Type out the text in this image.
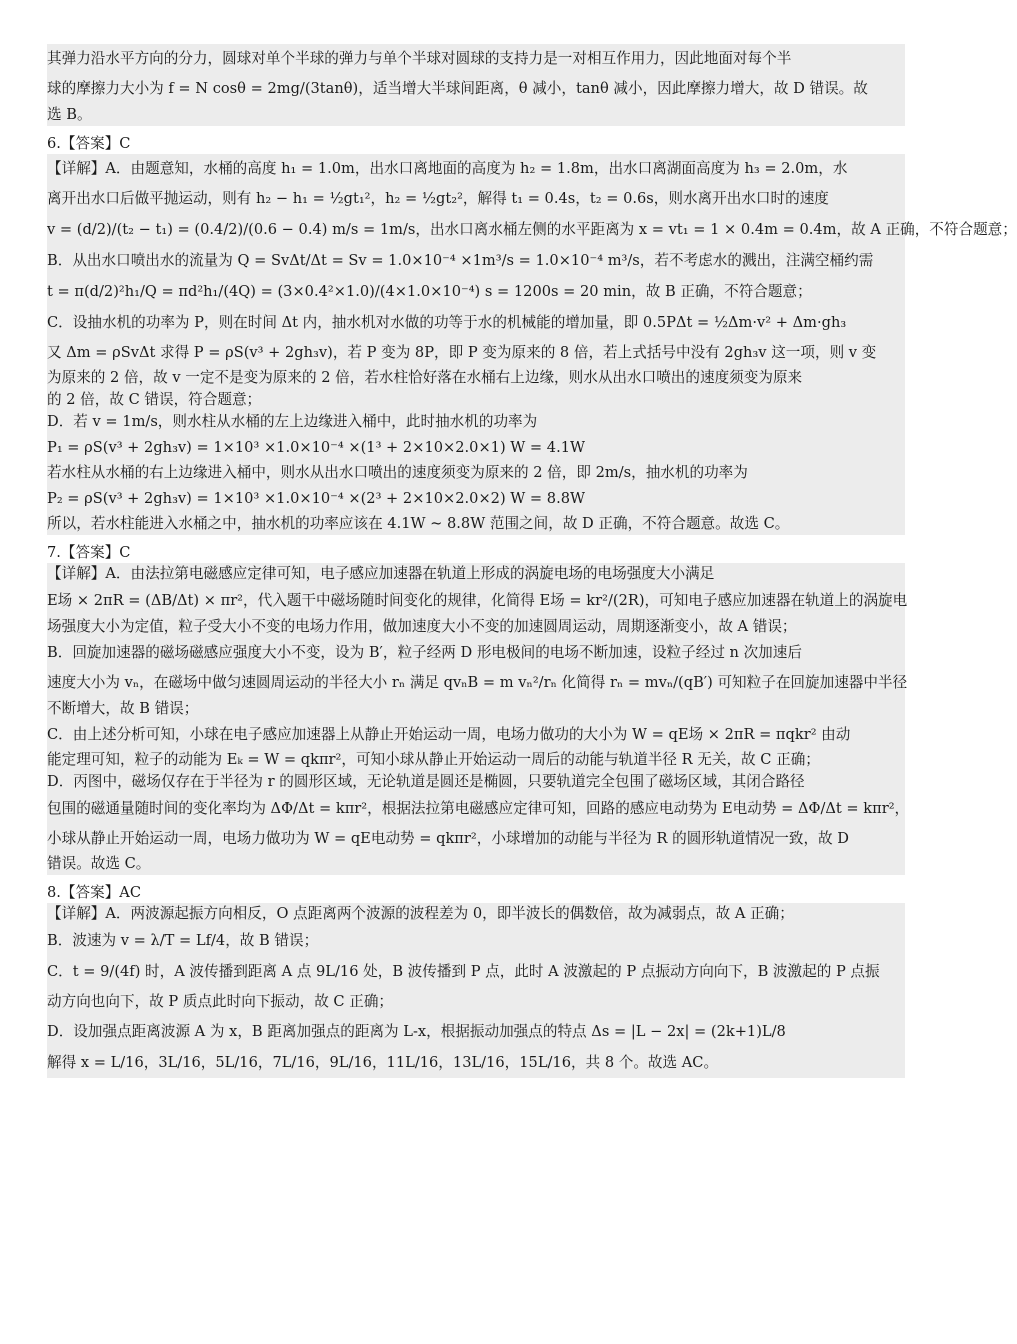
其弹力沿水平方向的分力，圆球对单个半球的弹力与单个半球对圆球的支持力是一对相互作用力，因此地面对每个半
球的摩擦力大小为 f = N cosθ = 2mg/(3tanθ)，适当增大半球间距离，θ 减小，tanθ 减小，因此摩擦力增大，故 D 错误。故
选 B。
6.【答案】C
【详解】A．由题意知，水桶的高度 h₁ = 1.0m，出水口离地面的高度为 h₂ = 1.8m，出水口离湖面高度为 h₃ = 2.0m，水
离开出水口后做平抛运动，则有 h₂ − h₁ = ½gt₁²，h₂ = ½gt₂²，解得 t₁ = 0.4s，t₂ = 0.6s，则水离开出水口时的速度
v = (d/2)/(t₂ − t₁) = (0.4/2)/(0.6 − 0.4) m/s = 1m/s，出水口离水桶左侧的水平距离为 x = vt₁ = 1 × 0.4m = 0.4m，故 A 正确，不符合题意；
B．从出水口喷出水的流量为 Q = SvΔt/Δt = Sv = 1.0×10⁻⁴ ×1m³/s = 1.0×10⁻⁴ m³/s，若不考虑水的溅出，注满空桶约需
t = π(d/2)²h₁/Q = πd²h₁/(4Q) = (3×0.4²×1.0)/(4×1.0×10⁻⁴) s = 1200s = 20 min，故 B 正确，不符合题意；
C．设抽水机的功率为 P，则在时间 Δt 内，抽水机对水做的功等于水的机械能的增加量，即 0.5PΔt = ½Δm·v² + Δm·gh₃
又 Δm = ρSvΔt 求得 P = ρS(v³ + 2gh₃v)，若 P 变为 8P，即 P 变为原来的 8 倍，若上式括号中没有 2gh₃v 这一项，则 v 变
为原来的 2 倍，故 v 一定不是变为原来的 2 倍，若水柱恰好落在水桶右上边缘，则水从出水口喷出的速度须变为原来
的 2 倍，故 C 错误，符合题意；
D．若 v = 1m/s，则水柱从水桶的左上边缘进入桶中，此时抽水机的功率为
P₁ = ρS(v³ + 2gh₃v) = 1×10³ ×1.0×10⁻⁴ ×(1³ + 2×10×2.0×1) W = 4.1W
若水柱从水桶的右上边缘进入桶中，则水从出水口喷出的速度须变为原来的 2 倍，即 2m/s，抽水机的功率为
P₂ = ρS(v³ + 2gh₃v) = 1×10³ ×1.0×10⁻⁴ ×(2³ + 2×10×2.0×2) W = 8.8W
所以，若水柱能进入水桶之中，抽水机的功率应该在 4.1W ~ 8.8W 范围之间，故 D 正确，不符合题意。故选 C。
7.【答案】C
【详解】A．由法拉第电磁感应定律可知，电子感应加速器在轨道上形成的涡旋电场的电场强度大小满足
E场 × 2πR = (ΔB/Δt) × πr²，代入题干中磁场随时间变化的规律，化简得 E场 = kr²/(2R)，可知电子感应加速器在轨道上的涡旋电
场强度大小为定值，粒子受大小不变的电场力作用，做加速度大小不变的加速圆周运动，周期逐渐变小，故 A 错误；
B．回旋加速器的磁场磁感应强度大小不变，设为 B′，粒子经两 D 形电极间的电场不断加速，设粒子经过 n 次加速后
速度大小为 vₙ，在磁场中做匀速圆周运动的半径大小 rₙ 满足 qvₙB = m vₙ²/rₙ 化简得 rₙ = mvₙ/(qB′) 可知粒子在回旋加速器中半径
不断增大，故 B 错误；
C．由上述分析可知，小球在电子感应加速器上从静止开始运动一周，电场力做功的大小为 W = qE场 × 2πR = πqkr² 由动
能定理可知，粒子的动能为 Eₖ = W = qkπr²，可知小球从静止开始运动一周后的动能与轨道半径 R 无关，故 C 正确；
D．丙图中，磁场仅存在于半径为 r 的圆形区域，无论轨道是圆还是椭圆，只要轨道完全包围了磁场区域，其闭合路径
包围的磁通量随时间的变化率均为 ΔΦ/Δt = kπr²，根据法拉第电磁感应定律可知，回路的感应电动势为 E电动势 = ΔΦ/Δt = kπr²，
小球从静止开始运动一周，电场力做功为 W = qE电动势 = qkπr²，小球增加的动能与半径为 R 的圆形轨道情况一致，故 D
错误。故选 C。
8.【答案】AC
【详解】A．两波源起振方向相反，O 点距离两个波源的波程差为 0，即半波长的偶数倍，故为减弱点，故 A 正确；
B．波速为 v = λ/T = Lf/4，故 B 错误；
C．t = 9/(4f) 时，A 波传播到距离 A 点 9L/16 处，B 波传播到 P 点，此时 A 波激起的 P 点振动方向向下，B 波激起的 P 点振
动方向也向下，故 P 质点此时向下振动，故 C 正确；
D．设加强点距离波源 A 为 x，B 距离加强点的距离为 L-x，根据振动加强点的特点 Δs = |L − 2x| = (2k+1)L/8
解得 x = L/16，3L/16，5L/16，7L/16，9L/16，11L/16，13L/16，15L/16，共 8 个。故选 AC。
